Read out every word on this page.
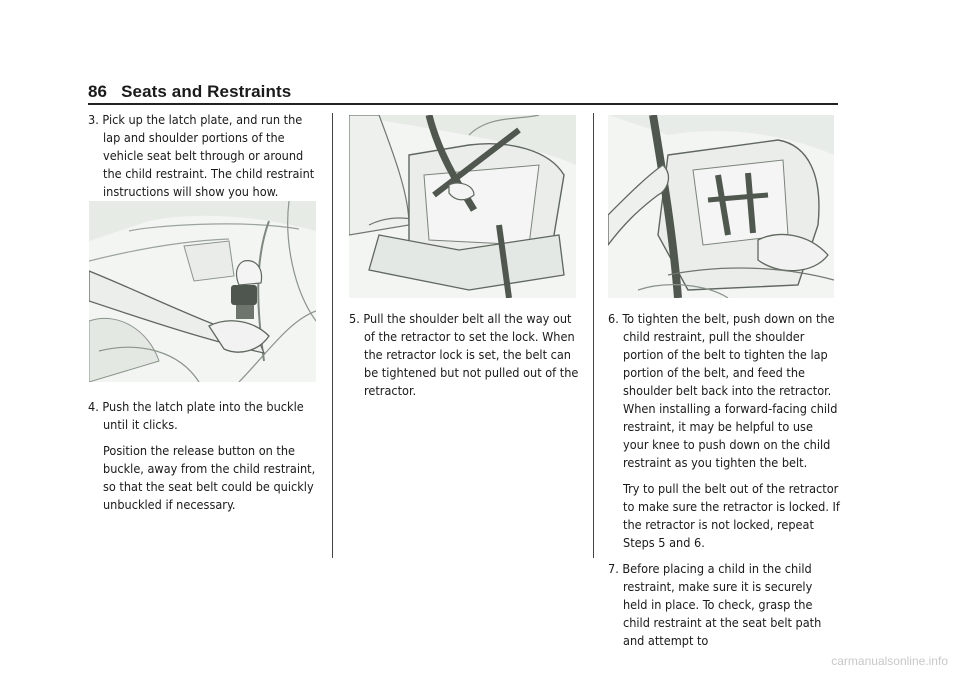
86 Seats and Restraints

3. Pick up the latch plate, and run the lap and shoulder portions of the vehicle seat belt through or around the child restraint. The child restraint instructions will show you how.

4. Push the latch plate into the buckle until it clicks.

Position the release button on the buckle, away from the child restraint, so that the seat belt could be quickly unbuckled if necessary.

5. Pull the shoulder belt all the way out of the retractor to set the lock. When the retractor lock is set, the belt can be tightened but not pulled out of the retractor.

6. To tighten the belt, push down on the child restraint, pull the shoulder portion of the belt to tighten the lap portion of the belt, and feed the shoulder belt back into the retractor. When installing a forward-facing child restraint, it may be helpful to use your knee to push down on the child restraint as you tighten the belt.

Try to pull the belt out of the retractor to make sure the retractor is locked. If the retractor is not locked, repeat Steps 5 and 6.

7. Before placing a child in the child restraint, make sure it is securely held in place. To check, grasp the child restraint at the seat belt path and attempt to

carmanualsonline.info
